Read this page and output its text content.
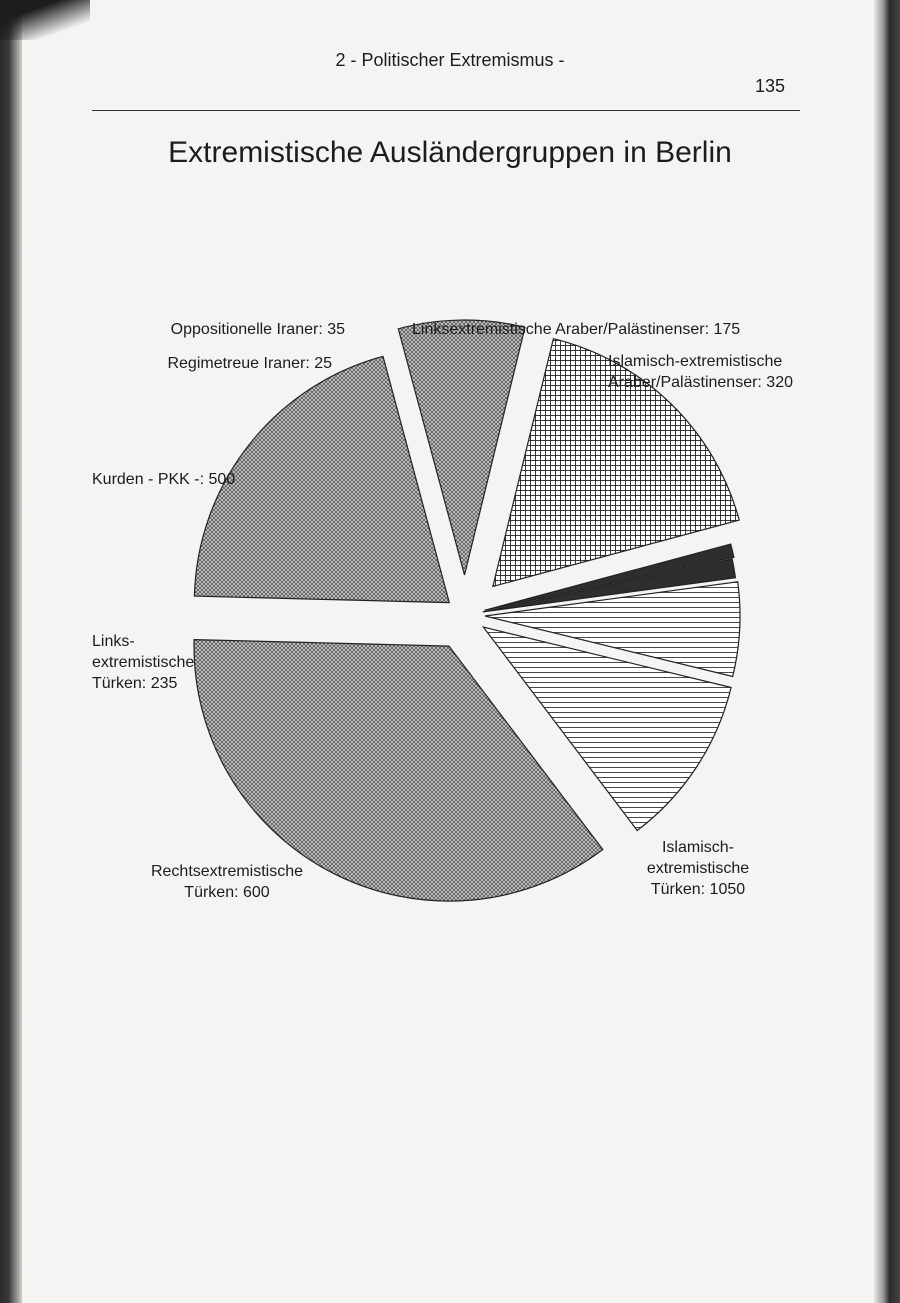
2 - Politischer Extremismus -
135
Extremistische Ausländergruppen in Berlin
Oppositionelle Iraner: 35	Linksextremistische Araber/Palästinenser: 175
Islamisch-extremistische Araber/Palästinenser: 320
Islamisch-extremistische Türken: 1050
Rechtsextremistische Türken: 600
Links-extremistische Türken: 235
Kurden - PKK -: 500
Regimetreue Iraner: 25
